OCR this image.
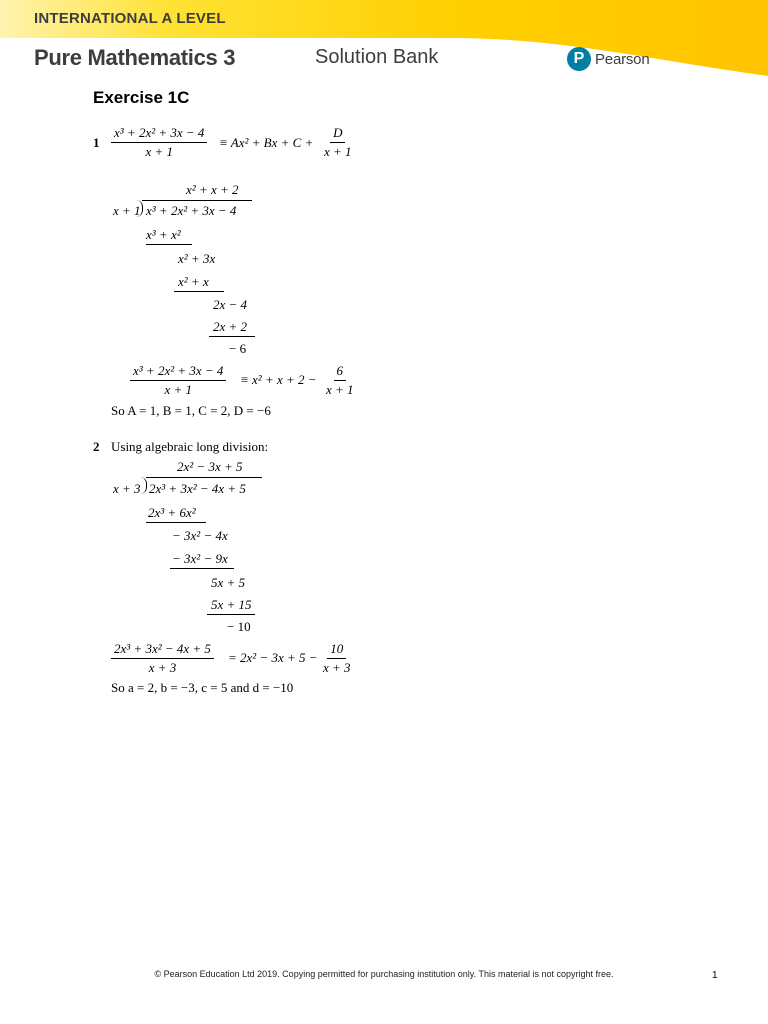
INTERNATIONAL A LEVEL
Pure Mathematics 3	Solution Bank	P Pearson
Exercise 1C
$1 \frac{\text{x³ + 2x² + 3x − 4}}{x + 1} \equiv Ax^2 + Bx + C + \frac{D}{x + 1}$
x² + x + 2
x + 1 x³ + 2x² + 3x − 4
x³ + x²
x² + 3x
x² + x
2x − 4
2x + 2
− 6
$\frac{\text{x³ + 2x² + 3x − 4}}{x + 1} \equiv x^2 + x + 2 - \frac{6}{x + 1}$
So A = 1, B = 1, C = 2, D = −6
2 Using algebraic long division:
2x² − 3x + 5
x + 3 2x³ + 3x² − 4x + 5
2x³ + 6x²
− 3x² − 4x
− 3x² − 9x
5x + 5
5x + 15
− 10
$\frac{\text{2x³ + 3x² − 4x + 5}}{x + 3} = 2x^2 - 3x + 5 - \frac{10}{x + 3}$
So a = 2, b = −3, c = 5 and d = −10
© Pearson Education Ltd 2019. Copying permitted for purchasing institution only. This material is not copyright free.	1
